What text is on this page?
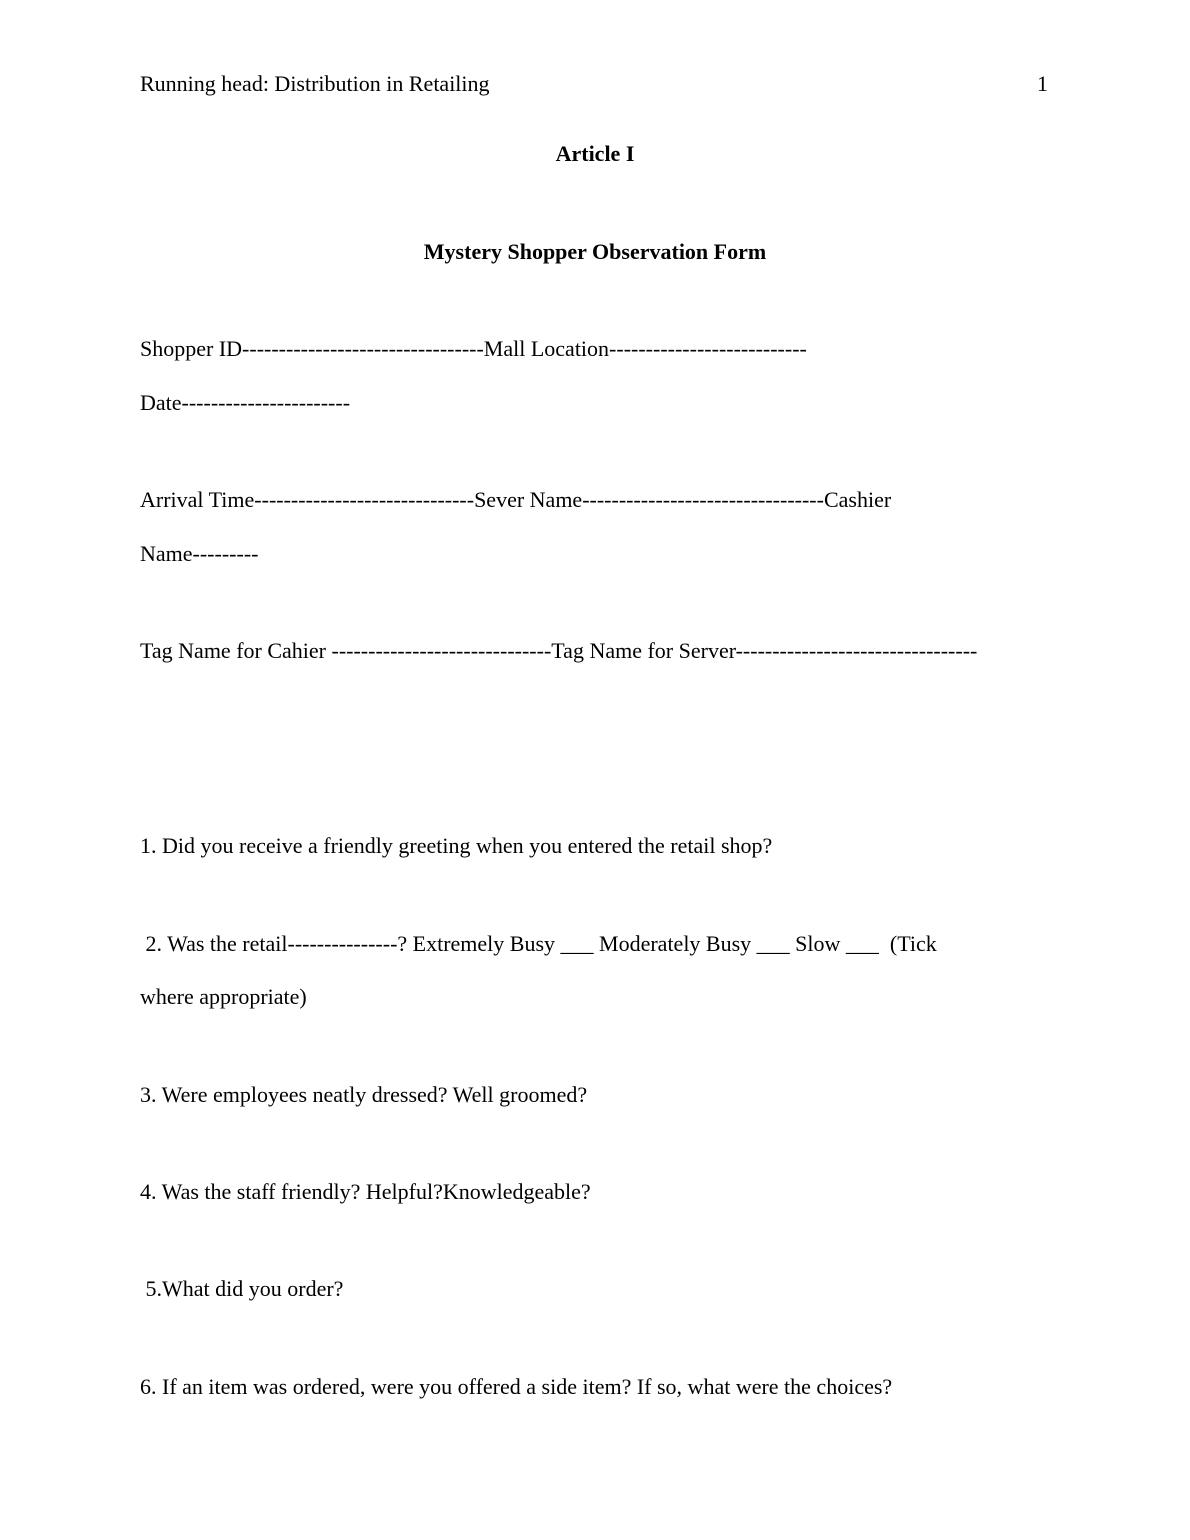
Running head: Distribution in Retailing	1
Article I
Mystery Shopper Observation Form
Shopper ID---------------------------------Mall Location---------------------------
Date-----------------------
Arrival Time------------------------------Sever Name---------------------------------Cashier
Name---------
Tag Name for Cahier ------------------------------Tag Name for Server---------------------------------
1. Did you receive a friendly greeting when you entered the retail shop?
2. Was the retail---------------? Extremely Busy ___ Moderately Busy ___ Slow ___  (Tick
where appropriate)
3. Were employees neatly dressed? Well groomed?
4. Was the staff friendly? Helpful?Knowledgeable?
5.What did you order?
6. If an item was ordered, were you offered a side item? If so, what were the choices?
